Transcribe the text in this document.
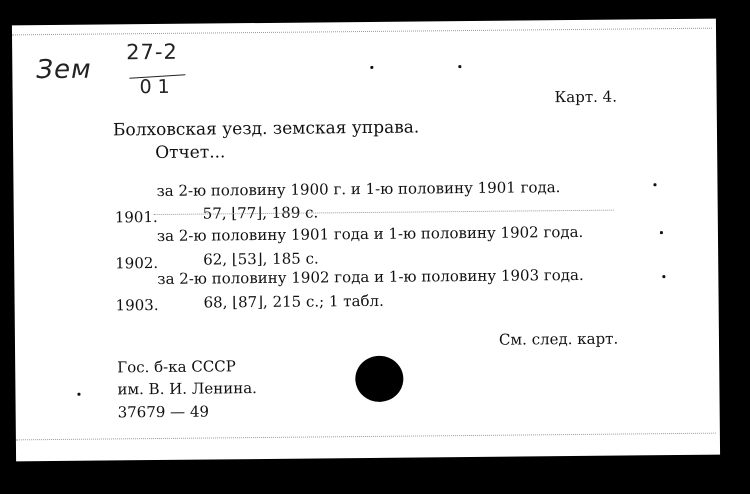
Зем
27-2
01	Карт. 4.
Болховская уезд. земская управа.
Отчет...
за 2-ю половину 1900 г. и 1-ю половину 1901 года.
1901.	57, ⌊77⌋, 189 с.
за 2-ю половину 1901 года и 1-ю половину 1902 года.
1902.	62, ⌊53⌋, 185 с.
за 2-ю половину 1902 года и 1-ю половину 1903 года.
1903.	68, ⌊87⌋, 215 с.; 1 табл.
См. след. карт.
Гос. б-ка СССР
им. В. И. Ленина.
37679 — 49
